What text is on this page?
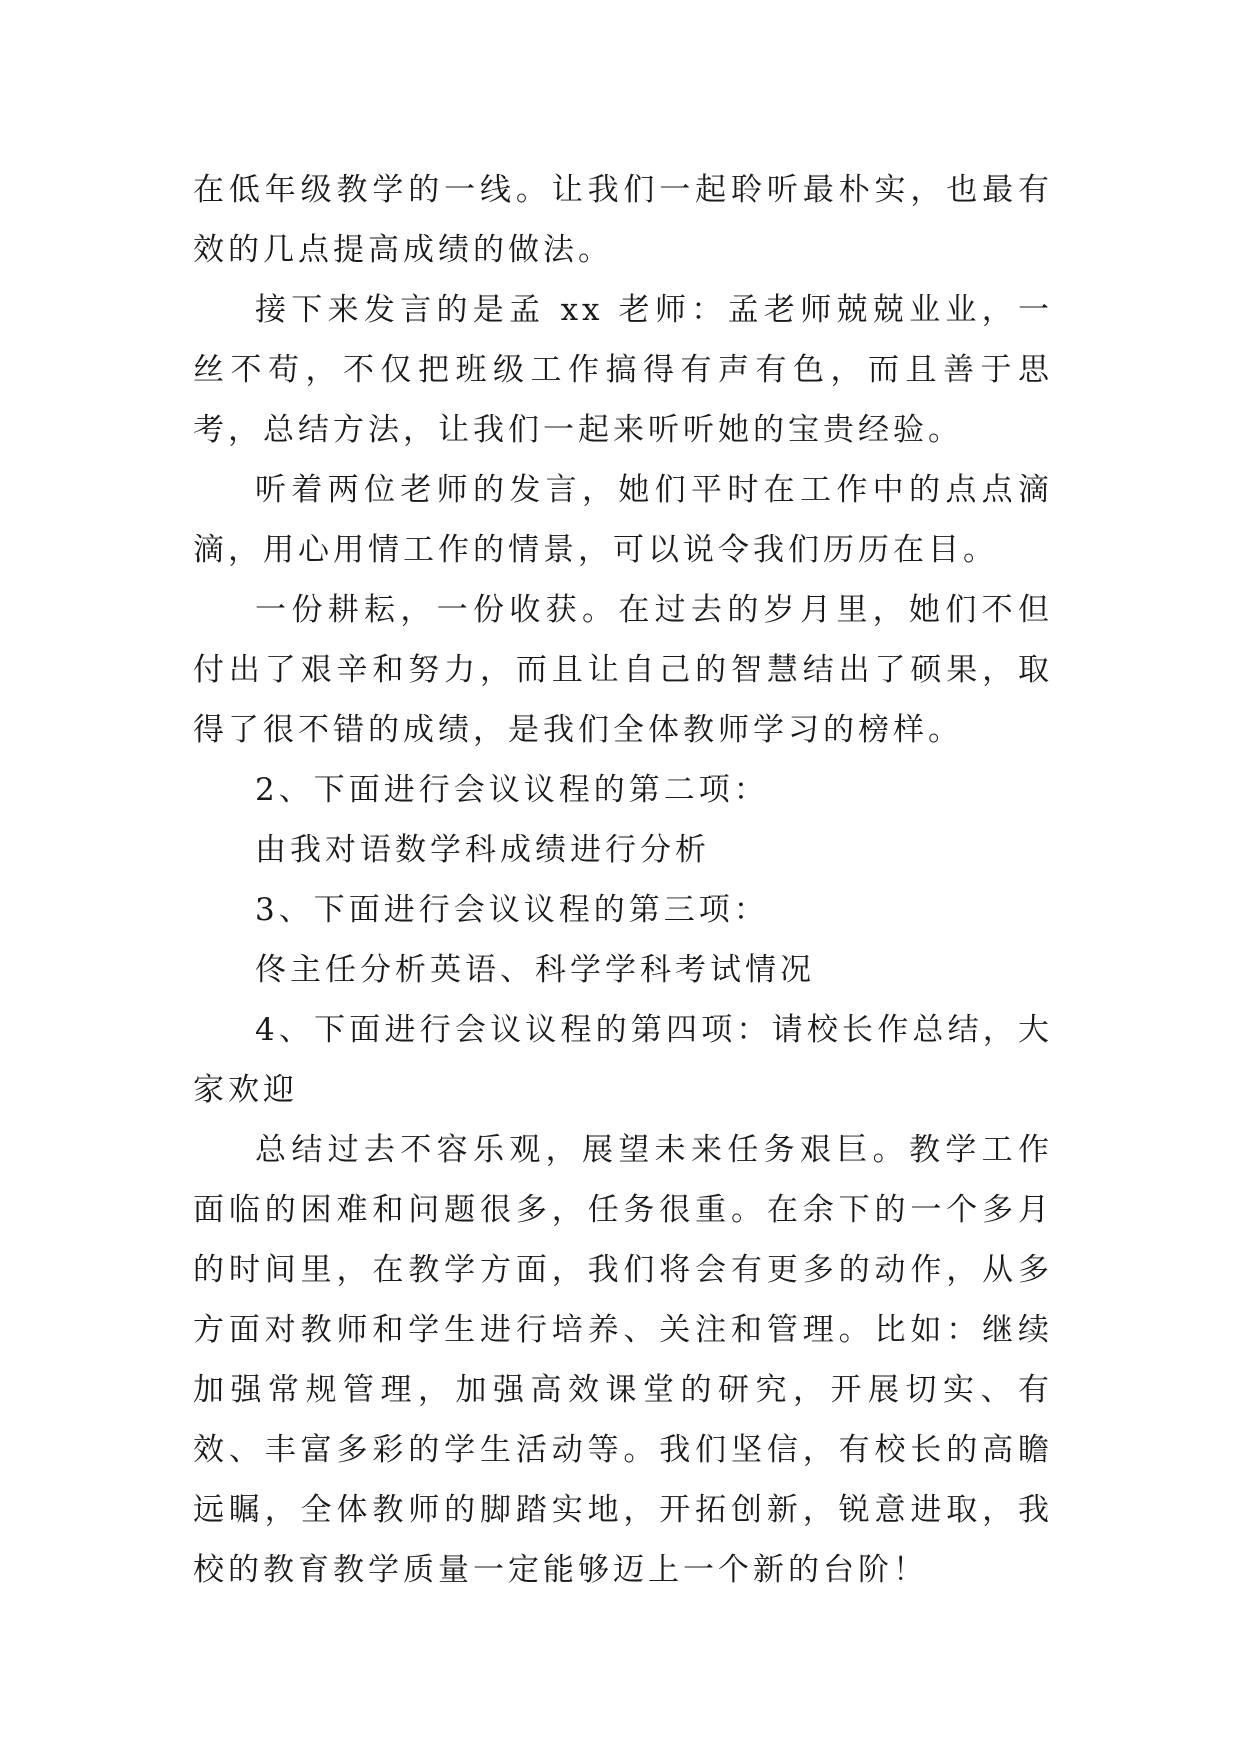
在低年级教学的一线。让我们一起聆听最朴实，也最有效的几点提高成绩的做法。

接下来发言的是孟 xx 老师：孟老师兢兢业业，一丝不苟，不仅把班级工作搞得有声有色，而且善于思考，总结方法，让我们一起来听听她的宝贵经验。

听着两位老师的发言，她们平时在工作中的点点滴滴，用心用情工作的情景，可以说令我们历历在目。

一份耕耘，一份收获。在过去的岁月里，她们不但付出了艰辛和努力，而且让自己的智慧结出了硕果，取得了很不错的成绩，是我们全体教师学习的榜样。

2、下面进行会议议程的第二项：

由我对语数学科成绩进行分析

3、下面进行会议议程的第三项：

佟主任分析英语、科学学科考试情况

4、下面进行会议议程的第四项：请校长作总结，大家欢迎

总结过去不容乐观，展望未来任务艰巨。教学工作面临的困难和问题很多，任务很重。在余下的一个多月的时间里，在教学方面，我们将会有更多的动作，从多方面对教师和学生进行培养、关注和管理。比如：继续加强常规管理，加强高效课堂的研究，开展切实、有效、丰富多彩的学生活动等。我们坚信，有校长的高瞻远瞩，全体教师的脚踏实地，开拓创新，锐意进取，我校的教育教学质量一定能够迈上一个新的台阶！
